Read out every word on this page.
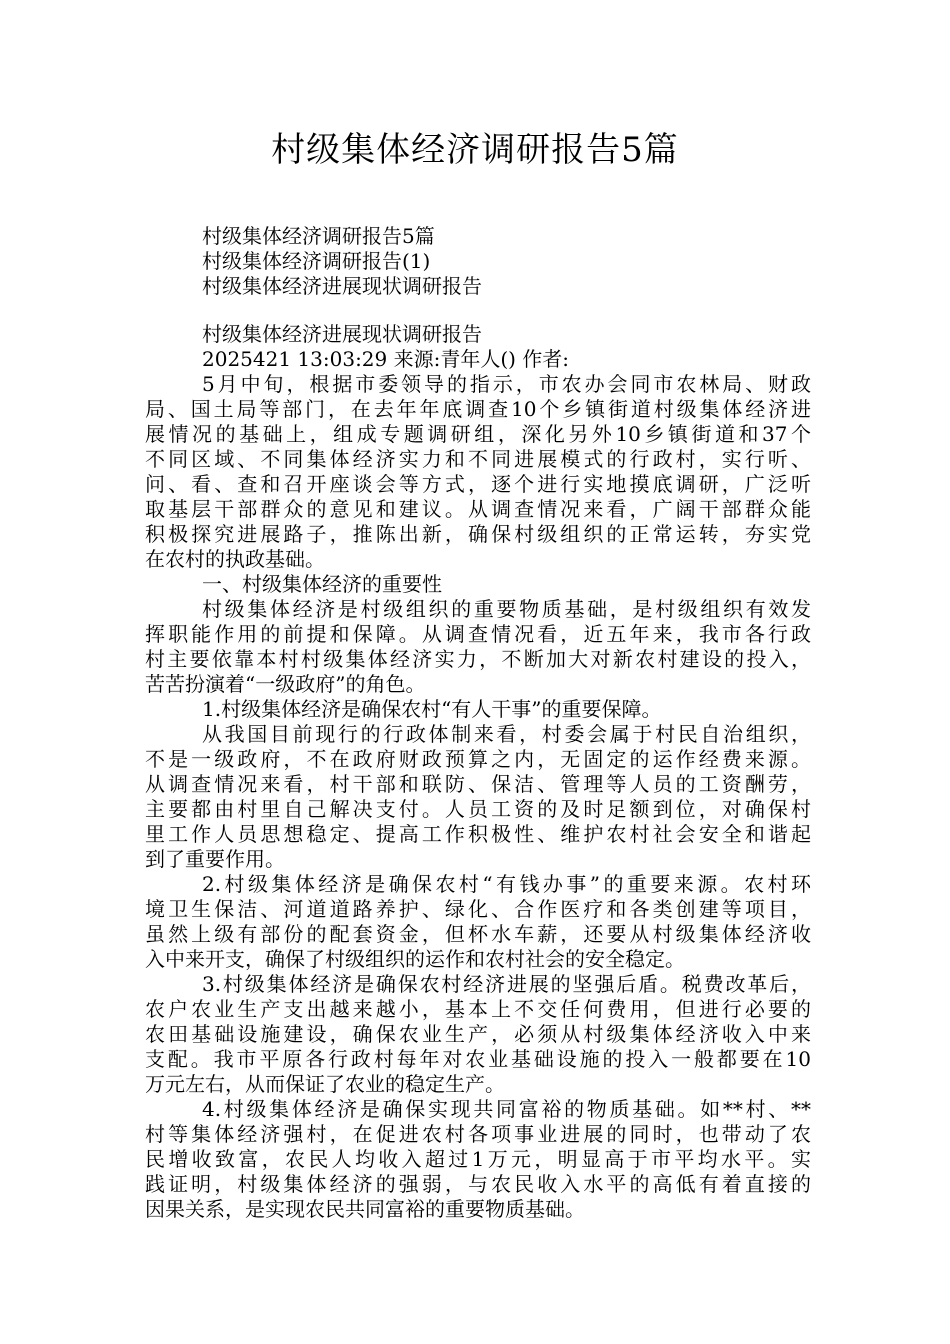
村级集体经济调研报告5篇
村级集体经济调研报告5篇
村级集体经济调研报告(1)
村级集体经济进展现状调研报告
村级集体经济进展现状调研报告
2025421 13:03:29 来源:青年人() 作者:
5月中旬，根据市委领导的指示，市农办会同市农林局、财政
局、国土局等部门，在去年年底调查10个乡镇街道村级集体经济进
展情况的基础上，组成专题调研组，深化另外10乡镇街道和37个
不同区域、不同集体经济实力和不同进展模式的行政村，实行听、
问、看、查和召开座谈会等方式，逐个进行实地摸底调研，广泛听
取基层干部群众的意见和建议。从调查情况来看，广阔干部群众能
积极探究进展路子，推陈出新，确保村级组织的正常运转，夯实党
在农村的执政基础。
一、村级集体经济的重要性
村级集体经济是村级组织的重要物质基础，是村级组织有效发
挥职能作用的前提和保障。从调查情况看，近五年来，我市各行政
村主要依靠本村村级集体经济实力，不断加大对新农村建设的投入，
苦苦扮演着“一级政府”的角色。
1.村级集体经济是确保农村“有人干事”的重要保障。
从我国目前现行的行政体制来看，村委会属于村民自治组织，
不是一级政府，不在政府财政预算之内，无固定的运作经费来源。
从调查情况来看，村干部和联防、保洁、管理等人员的工资酬劳，
主要都由村里自己解决支付。人员工资的及时足额到位，对确保村
里工作人员思想稳定、提高工作积极性、维护农村社会安全和谐起
到了重要作用。
2.村级集体经济是确保农村“有钱办事”的重要来源。农村环
境卫生保洁、河道道路养护、绿化、合作医疗和各类创建等项目，
虽然上级有部份的配套资金，但杯水车薪，还要从村级集体经济收
入中来开支，确保了村级组织的运作和农村社会的安全稳定。
3.村级集体经济是确保农村经济进展的坚强后盾。税费改革后，
农户农业生产支出越来越小，基本上不交任何费用，但进行必要的
农田基础设施建设，确保农业生产，必须从村级集体经济收入中来
支配。我市平原各行政村每年对农业基础设施的投入一般都要在10
万元左右，从而保证了农业的稳定生产。
4.村级集体经济是确保实现共同富裕的物质基础。如**村、**
村等集体经济强村，在促进农村各项事业进展的同时，也带动了农
民增收致富，农民人均收入超过1万元，明显高于市平均水平。实
践证明，村级集体经济的强弱，与农民收入水平的高低有着直接的
因果关系，是实现农民共同富裕的重要物质基础。
